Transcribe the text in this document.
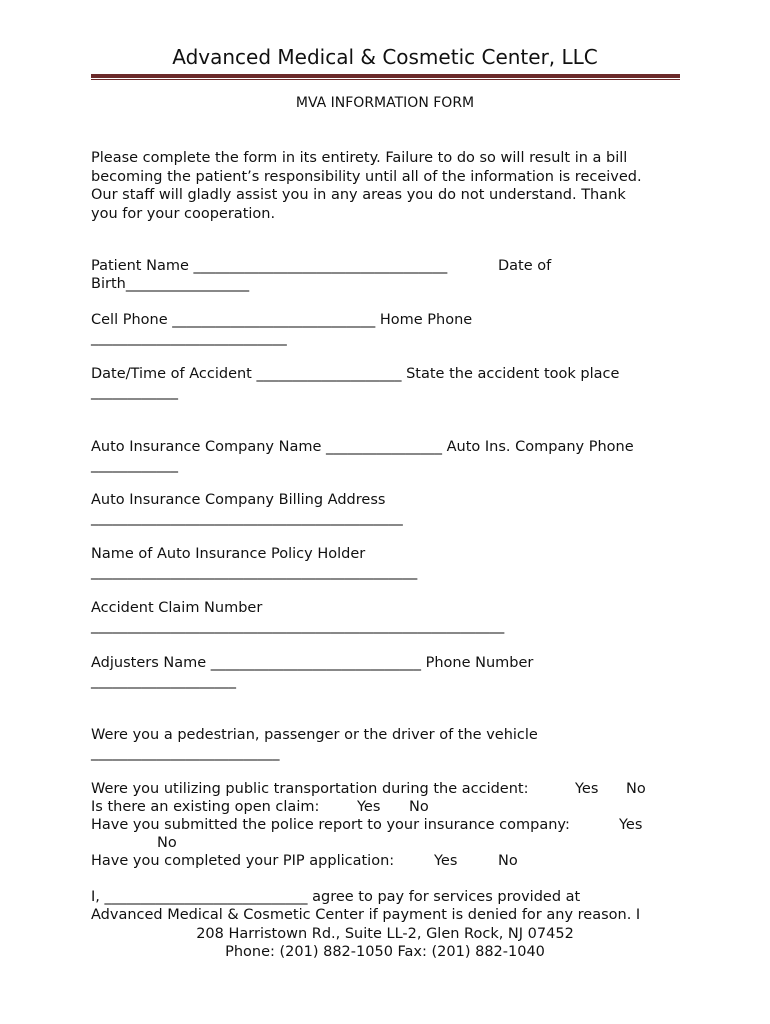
Advanced Medical & Cosmetic Center, LLC
MVA INFORMATION FORM
Please complete the form in its entirety. Failure to do so will result in a bill
becoming the patient’s responsibility until all of the information is received.
Our staff will gladly assist you in any areas you do not understand. Thank
you for your cooperation.
Patient Name ___________________________________	Date of
Birth_________________
Cell Phone ____________________________ Home Phone
___________________________
Date/Time of Accident ____________________ State the accident took place
____________
Auto Insurance Company Name ________________ Auto Ins. Company Phone
____________
Auto Insurance Company Billing Address
___________________________________________
Name of Auto Insurance Policy Holder
_____________________________________________
Accident Claim Number
_________________________________________________________
Adjusters Name _____________________________ Phone Number
____________________
Were you a pedestrian, passenger or the driver of the vehicle
__________________________
Were you utilizing public transportation during the accident:	Yes No
Is there an existing open claim:	Yes No
Have you submitted the police report to your insurance company:	Yes
No
Have you completed your PIP application:	Yes	No
I, ____________________________ agree to pay for services provided at
Advanced Medical & Cosmetic Center if payment is denied for any reason. I
208 Harristown Rd., Suite LL-2, Glen Rock, NJ 07452
Phone: (201) 882-1050 Fax: (201) 882-1040
